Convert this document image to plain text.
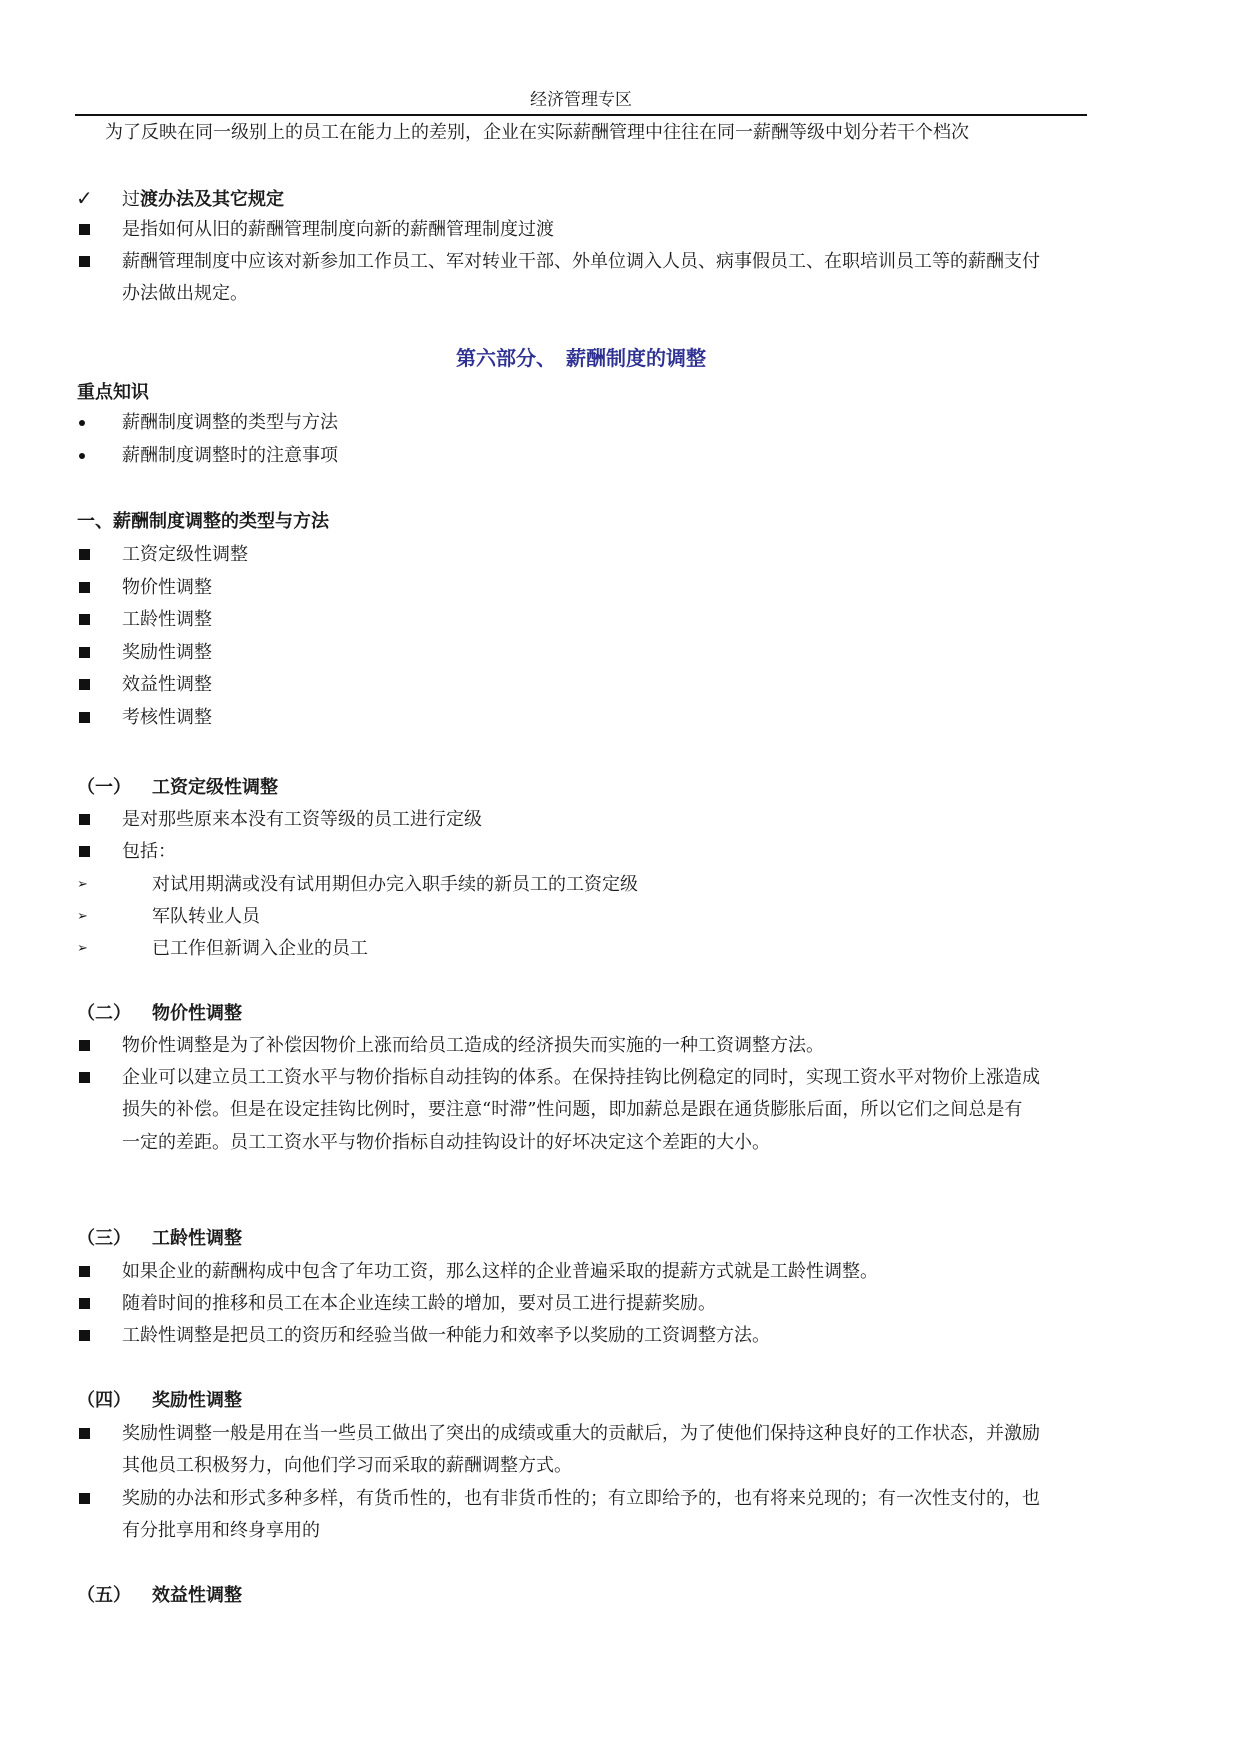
经济管理专区
为了反映在同一级别上的员工在能力上的差别，企业在实际薪酬管理中往往在同一薪酬等级中划分若干个档次
✓ 过渡办法及其它规定
是指如何从旧的薪酬管理制度向新的薪酬管理制度过渡
薪酬管理制度中应该对新参加工作员工、军对转业干部、外单位调入人员、病事假员工、在职培训员工等的薪酬支付
办法做出规定。
第六部分、　薪酬制度的调整
重点知识
薪酬制度调整的类型与方法
薪酬制度调整时的注意事项
一、薪酬制度调整的类型与方法
工资定级性调整
物价性调整
工龄性调整
奖励性调整
效益性调整
考核性调整
（一） 工资定级性调整
是对那些原来本没有工资等级的员工进行定级
包括：
➢	对试用期满或没有试用期但办完入职手续的新员工的工资定级
➢	军队转业人员
➢	已工作但新调入企业的员工
（二） 物价性调整
物价性调整是为了补偿因物价上涨而给员工造成的经济损失而实施的一种工资调整方法。
企业可以建立员工工资水平与物价指标自动挂钩的体系。在保持挂钩比例稳定的同时，实现工资水平对物价上涨造成
损失的补偿。但是在设定挂钩比例时，要注意“时滞”性问题，即加薪总是跟在通货膨胀后面，所以它们之间总是有
一定的差距。员工工资水平与物价指标自动挂钩设计的好坏决定这个差距的大小。
（三） 工龄性调整
如果企业的薪酬构成中包含了年功工资，那么这样的企业普遍采取的提薪方式就是工龄性调整。
随着时间的推移和员工在本企业连续工龄的增加，要对员工进行提薪奖励。
工龄性调整是把员工的资历和经验当做一种能力和效率予以奖励的工资调整方法。
（四） 奖励性调整
奖励性调整一般是用在当一些员工做出了突出的成绩或重大的贡献后，为了使他们保持这种良好的工作状态，并激励
其他员工积极努力，向他们学习而采取的薪酬调整方式。
奖励的办法和形式多种多样，有货币性的，也有非货币性的；有立即给予的，也有将来兑现的；有一次性支付的，也
有分批享用和终身享用的
（五） 效益性调整
